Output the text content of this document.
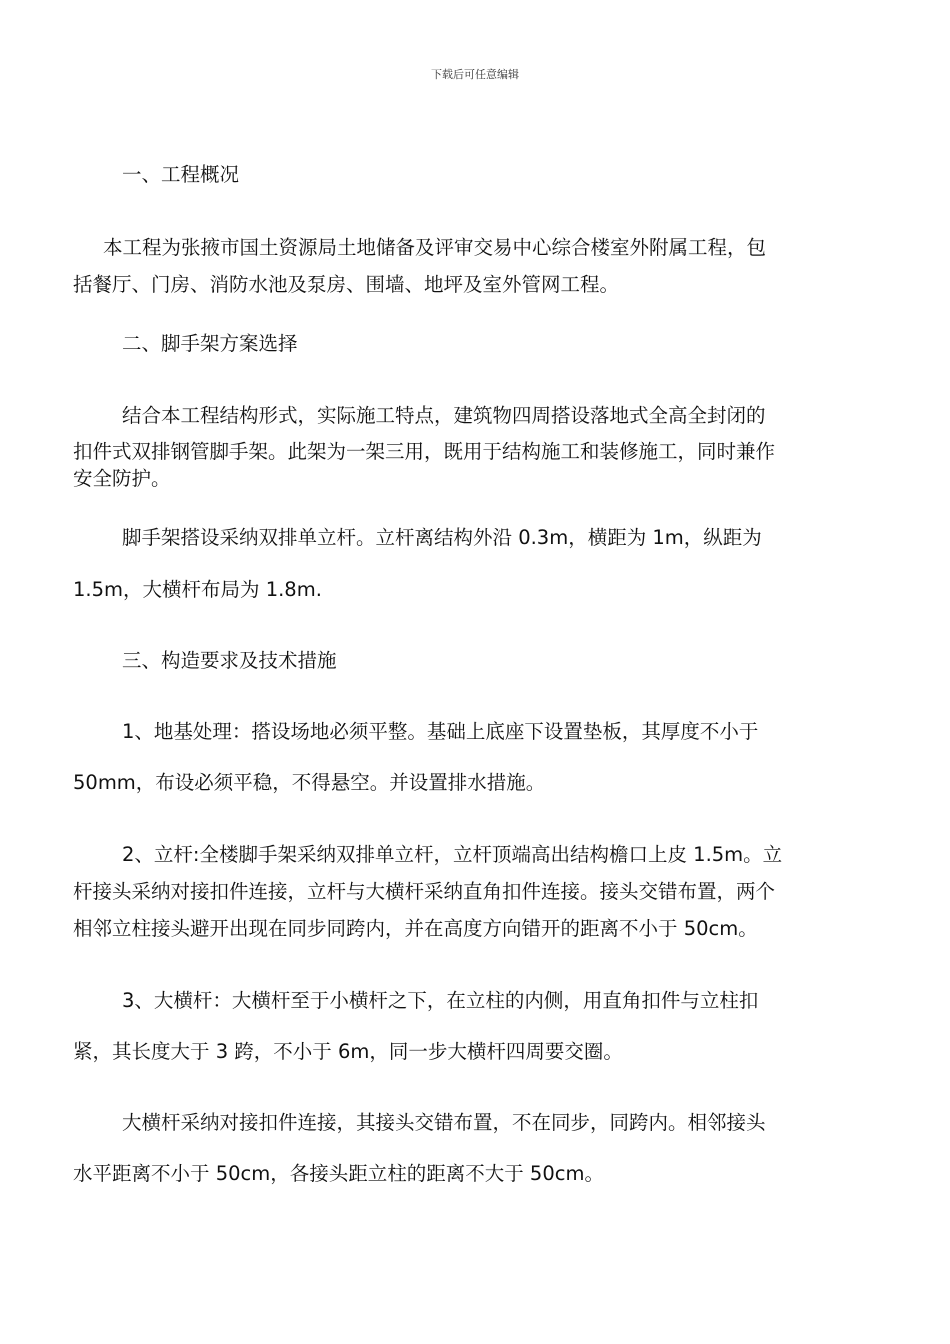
下载后可任意编辑
一、工程概况
本工程为张掖市国土资源局土地储备及评审交易中心综合楼室外附属工程，包
括餐厅、门房、消防水池及泵房、围墙、地坪及室外管网工程。
二、脚手架方案选择
结合本工程结构形式，实际施工特点，建筑物四周搭设落地式全高全封闭的
扣件式双排钢管脚手架。此架为一架三用，既用于结构施工和装修施工，同时兼作
安全防护。
脚手架搭设采纳双排单立杆。立杆离结构外沿 0.3m，横距为 1m，纵距为
1.5m，大横杆布局为 1.8m.
三、构造要求及技术措施
1、地基处理：搭设场地必须平整。基础上底座下设置垫板，其厚度不小于
50mm，布设必须平稳，不得悬空。并设置排水措施。
2、立杆:全楼脚手架采纳双排单立杆，立杆顶端高出结构檐口上皮 1.5m。立
杆接头采纳对接扣件连接，立杆与大横杆采纳直角扣件连接。接头交错布置，两个
相邻立柱接头避开出现在同步同跨内，并在高度方向错开的距离不小于 50cm。
3、大横杆：大横杆至于小横杆之下，在立柱的内侧，用直角扣件与立柱扣
紧，其长度大于 3 跨，不小于 6m，同一步大横杆四周要交圈。
大横杆采纳对接扣件连接，其接头交错布置，不在同步，同跨内。相邻接头
水平距离不小于 50cm，各接头距立柱的距离不大于 50cm。
